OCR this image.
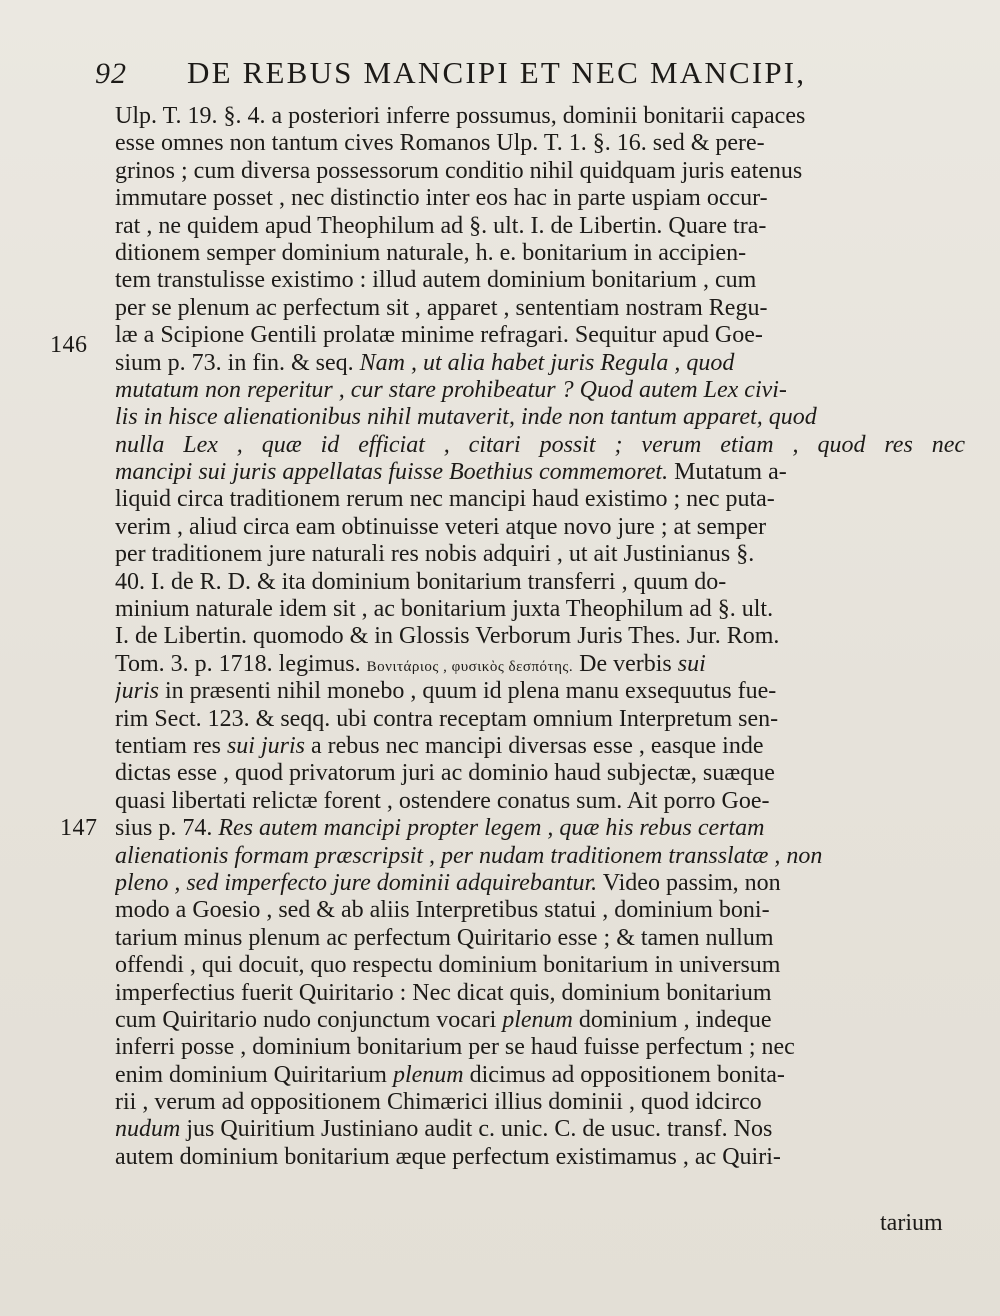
92 DE REBUS MANCIPI ET NEC MANCIPI,
146
147
Ulp. T. 19. §. 4. a posteriori inferre possumus, dominii bonitarii capaces
esse omnes non tantum cives Romanos Ulp. T. 1. §. 16. sed & pere-
grinos ; cum diversa possessorum conditio nihil quidquam juris eatenus
immutare posset , nec distinctio inter eos hac in parte uspiam occur-
rat , ne quidem apud Theophilum ad §. ult. I. de Libertin. Quare tra-
ditionem semper dominium naturale, h. e. bonitarium in accipien-
tem transtulisse existimo : illud autem dominium bonitarium , cum
per se plenum ac perfectum sit , apparet , sententiam nostram Regu-
læ a Scipione Gentili prolatæ minime refragari. Sequitur apud Goe-
sium p. 73. in fin. & seq. Nam , ut alia habet juris Regula , quod
mutatum non reperitur , cur stare prohibeatur ? Quod autem Lex civi-
lis in hisce alienationibus nihil mutaverit, inde non tantum apparet, quod
nulla Lex , quæ id efficiat , citari possit ; verum etiam , quod res nec
mancipi sui juris appellatas fuisse Boethius commemoret. Mutatum a-
liquid circa traditionem rerum nec mancipi haud existimo ; nec puta-
verim , aliud circa eam obtinuisse veteri atque novo jure ; at semper
per traditionem jure naturali res nobis adquiri , ut ait Justinianus §.
40. I. de R. D. & ita dominium bonitarium transferri , quum do-
minium naturale idem sit , ac bonitarium juxta Theophilum ad §. ult.
I. de Libertin. quomodo & in Glossis Verborum Juris Thes. Jur. Rom.
Tom. 3. p. 1718. legimus. Βονιτάριος , φυσικὸς δεσπότης. De verbis sui
juris in præsenti nihil monebo , quum id plena manu exsequutus fue-
rim Sect. 123. & seqq. ubi contra receptam omnium Interpretum sen-
tentiam res sui juris a rebus nec mancipi diversas esse , easque inde
dictas esse , quod privatorum juri ac dominio haud subjectæ, suæque
quasi libertati relictæ forent , ostendere conatus sum. Ait porro Goe-
sius p. 74. Res autem mancipi propter legem , quæ his rebus certam
alienationis formam præscripsit , per nudam traditionem transslatæ , non
pleno , sed imperfecto jure dominii adquirebantur. Video passim, non
modo a Goesio , sed & ab aliis Interpretibus statui , dominium boni-
tarium minus plenum ac perfectum Quiritario esse ; & tamen nullum
offendi , qui docuit, quo respectu dominium bonitarium in universum
imperfectius fuerit Quiritario : Nec dicat quis, dominium bonitarium
cum Quiritario nudo conjunctum vocari plenum dominium , indeque
inferri posse , dominium bonitarium per se haud fuisse perfectum ; nec
enim dominium Quiritarium plenum dicimus ad oppositionem bonita-
rii , verum ad oppositionem Chimærici illius dominii , quod idcirco
nudum jus Quiritium Justiniano audit c. unic. C. de usuc. transf. Nos
autem dominium bonitarium æque perfectum existimamus , ac Quiri-
tarium
